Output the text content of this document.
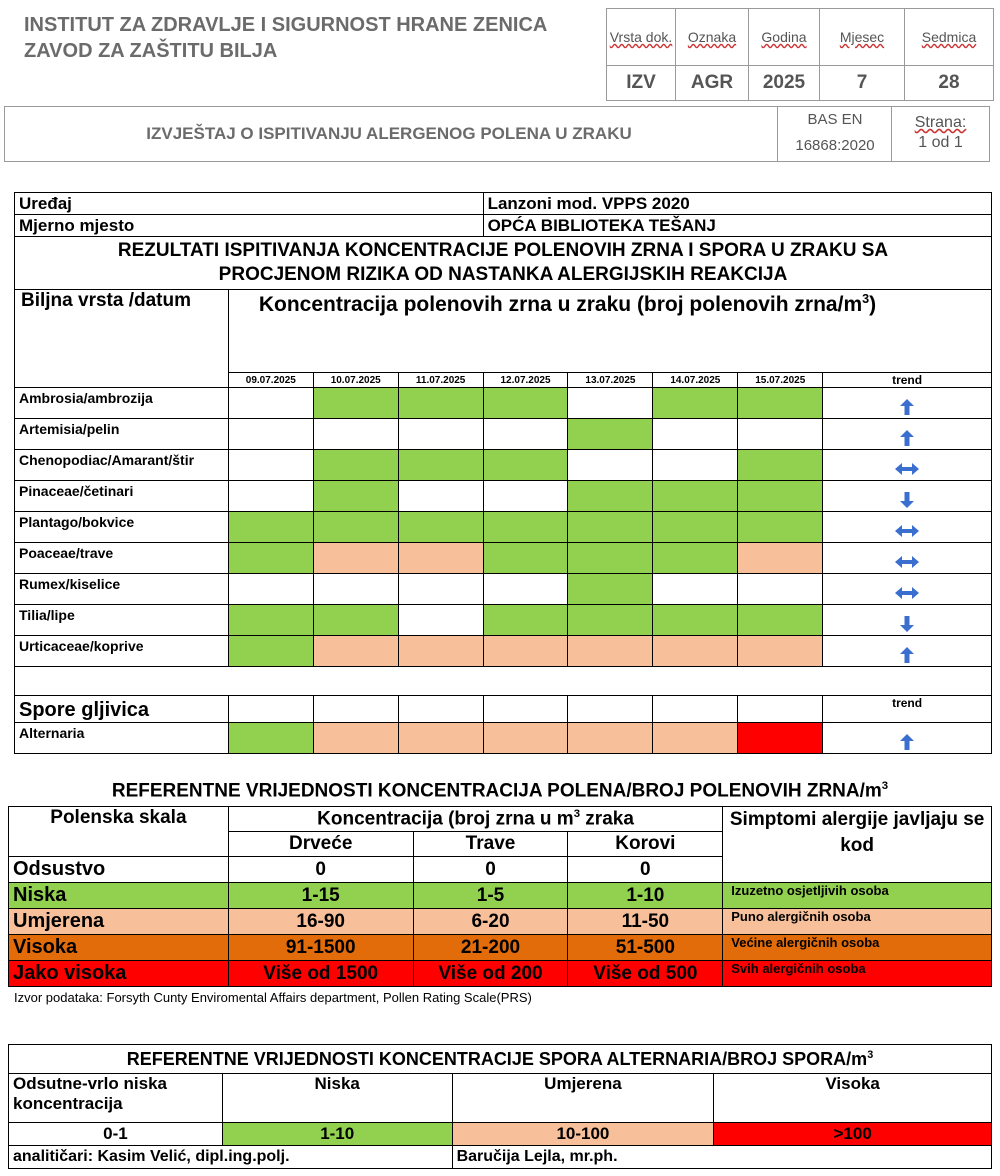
INSTITUT ZA ZDRAVLJE I SIGURNOST HRANE ZENICA
ZAVOD ZA ZAŠTITU BILJA
Vrsta dok.	Oznaka	Godina	Mjesec	Sedmica
IZV	AGR	2025	7	28
IZVJEŠTAJ O ISPITIVANJU ALERGENOG POLENA U ZRAKU
BAS EN
16868:2020
Strana:
1 od 1
Uređaj				Lanzoni mod. VPPS 2020				
Mjerno mjesto				OPĆA BIBLIOTEKA TEŠANJ				

REZULTATI ISPITIVANJA KONCENTRACIJE POLENOVIH ZRNA I SPORA U ZRAKU SA
PROCJENOM RIZIKA OD NASTANKA ALERGIJSKIH REAKCIJA								

Biljna vrsta /datum	Koncentracija polenovih zrna u zraku (broj polenovih zrna/$m^3$)							
	09.07.2025	10.07.2025	11.07.2025	12.07.2025	13.07.2025	14.07.2025	15.07.2025	trend
Ambrosia/ambrozija								

Artemisia/pelin								

Chenopodiac/Amarant/štir								

Pinaceae/četinari								

Plantago/bokvice								

Poaceae/trave								

Rumex/kiselice								

Tilia/lipe								

Urticaceae/koprive								

Spore gljivica								trend
Alternaria								
REFERENTNE VRIJEDNOSTI KONCENTRACIJA POLENA/BROJ POLENOVIH ZRNA/$m^3$
Polenska skala	Koncentracija (broj zrna u $m^3$ zraka			Simptomi alergije javljaju se kod
	Drveće	Trave	Korovi	
Odsustvo	0	0	0	
Niska	1-15	1-5	1-10	Izuzetno osjetljivih osoba
Umjerena	16-90	6-20	11-50	Puno alergičnih osoba
Visoka	91-1500	21-200	51-500	Većine alergičnih osoba
Jako visoka	Više od 1500	Više od 200	Više od 500	Svih alergičnih osoba
Izvor podataka: Forsyth Cunty Enviromental Affairs department, Pollen Rating Scale(PRS)
REFERENTNE VRIJEDNOSTI KONCENTRACIJE SPORA ALTERNARIA/BROJ SPORA/$m^3$
Odsutne-vrlo niska koncentracija	Niska	Umjerena	Visoka
0-1	1-10	10-100	>100
analitičari: Kasim Velić, dipl.ing.polj.		Baručija Lejla, mr.ph.	
